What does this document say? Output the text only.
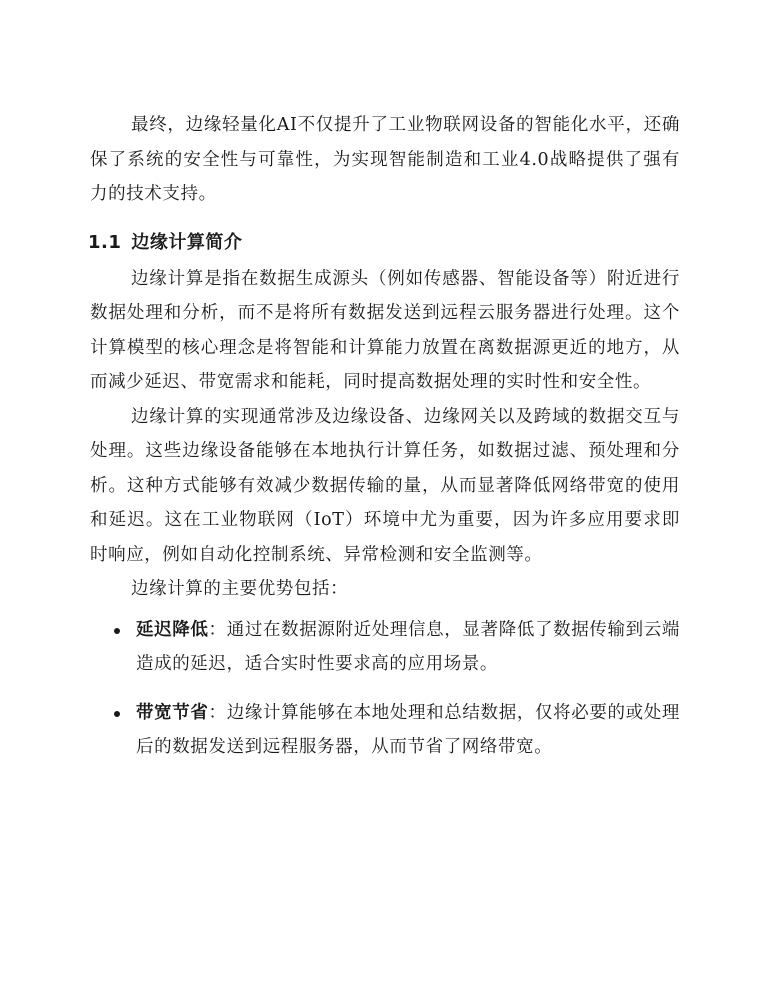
最终，边缘轻量化AI不仅提升了工业物联网设备的智能化水平，还确保了系统的安全性与可靠性，为实现智能制造和工业4.0战略提供了强有力的技术支持。

1.1 边缘计算简介

边缘计算是指在数据生成源头（例如传感器、智能设备等）附近进行数据处理和分析，而不是将所有数据发送到远程云服务器进行处理。这个计算模型的核心理念是将智能和计算能力放置在离数据源更近的地方，从而减少延迟、带宽需求和能耗，同时提高数据处理的实时性和安全性。

边缘计算的实现通常涉及边缘设备、边缘网关以及跨域的数据交互与处理。这些边缘设备能够在本地执行计算任务，如数据过滤、预处理和分析。这种方式能够有效减少数据传输的量，从而显著降低网络带宽的使用和延迟。这在工业物联网（IoT）环境中尤为重要，因为许多应用要求即时响应，例如自动化控制系统、异常检测和安全监测等。

边缘计算的主要优势包括：

延迟降低：通过在数据源附近处理信息，显著降低了数据传输到云端造成的延迟，适合实时性要求高的应用场景。
带宽节省：边缘计算能够在本地处理和总结数据，仅将必要的或处理后的数据发送到远程服务器，从而节省了网络带宽。
